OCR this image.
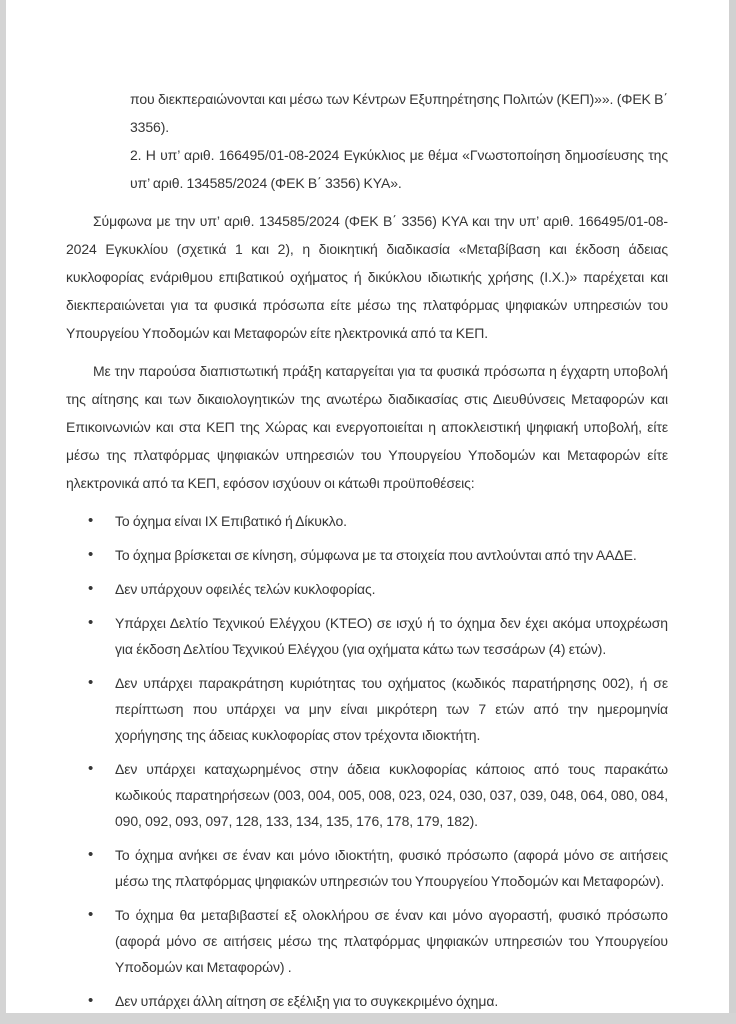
που διεκπεραιώνονται και μέσω των Κέντρων Εξυπηρέτησης Πολιτών (ΚΕΠ)»». (ΦΕΚ Β΄ 3356).

2. Η υπ’ αριθ. 166495/01-08-2024 Εγκύκλιος με θέμα «Γνωστοποίηση δημοσίευσης της υπ’ αριθ. 134585/2024 (ΦΕΚ Β΄ 3356) ΚΥΑ».

Σύμφωνα με την υπ’ αριθ. 134585/2024 (ΦΕΚ Β΄ 3356) ΚΥΑ και την υπ’ αριθ. 166495/01-08-2024 Εγκυκλίου (σχετικά 1 και 2), η διοικητική διαδικασία «Μεταβίβαση και έκδοση άδειας κυκλοφορίας ενάριθμου επιβατικού οχήματος ή δικύκλου ιδιωτικής χρήσης (Ι.Χ.)» παρέχεται και διεκπεραιώνεται για τα φυσικά πρόσωπα είτε μέσω της πλατφόρμας ψηφιακών υπηρεσιών του Υπουργείου Υποδομών και Μεταφορών είτε ηλεκτρονικά από τα ΚΕΠ.

Με την παρούσα διαπιστωτική πράξη καταργείται για τα φυσικά πρόσωπα η έγχαρτη υποβολή της αίτησης και των δικαιολογητικών της ανωτέρω διαδικασίας στις Διευθύνσεις Μεταφορών και Επικοινωνιών και στα ΚΕΠ της Χώρας και ενεργοποιείται η αποκλειστική ψηφιακή υποβολή, είτε μέσω της πλατφόρμας ψηφιακών υπηρεσιών του Υπουργείου Υποδομών και Μεταφορών είτε ηλεκτρονικά από τα ΚΕΠ, εφόσον ισχύουν οι κάτωθι προϋποθέσεις:

• Το όχημα είναι ΙΧ Επιβατικό ή Δίκυκλο.
• Το όχημα βρίσκεται σε κίνηση, σύμφωνα με τα στοιχεία που αντλούνται από την ΑΑΔΕ.
• Δεν υπάρχουν οφειλές τελών κυκλοφορίας.
• Υπάρχει Δελτίο Τεχνικού Ελέγχου (ΚΤΕΟ) σε ισχύ ή το όχημα δεν έχει ακόμα υποχρέωση για έκδοση Δελτίου Τεχνικού Ελέγχου (για οχήματα κάτω των τεσσάρων (4) ετών).
• Δεν υπάρχει παρακράτηση κυριότητας του οχήματος (κωδικός παρατήρησης 002), ή σε περίπτωση που υπάρχει να μην είναι μικρότερη των 7 ετών από την ημερομηνία χορήγησης της άδειας κυκλοφορίας στον τρέχοντα ιδιοκτήτη.
• Δεν υπάρχει καταχωρημένος στην άδεια κυκλοφορίας κάποιος από τους παρακάτω κωδικούς παρατηρήσεων (003, 004, 005, 008, 023, 024, 030, 037, 039, 048, 064, 080, 084, 090, 092, 093, 097, 128, 133, 134, 135, 176, 178, 179, 182).
• Το όχημα ανήκει σε έναν και μόνο ιδιοκτήτη, φυσικό πρόσωπο (αφορά μόνο σε αιτήσεις μέσω της πλατφόρμας ψηφιακών υπηρεσιών του Υπουργείου Υποδομών και Μεταφορών).
• Το όχημα θα μεταβιβαστεί εξ ολοκλήρου σε έναν και μόνο αγοραστή, φυσικό πρόσωπο (αφορά μόνο σε αιτήσεις μέσω της πλατφόρμας ψηφιακών υπηρεσιών του Υπουργείου Υποδομών και Μεταφορών) .
• Δεν υπάρχει άλλη αίτηση σε εξέλιξη για το συγκεκριμένο όχημα.
